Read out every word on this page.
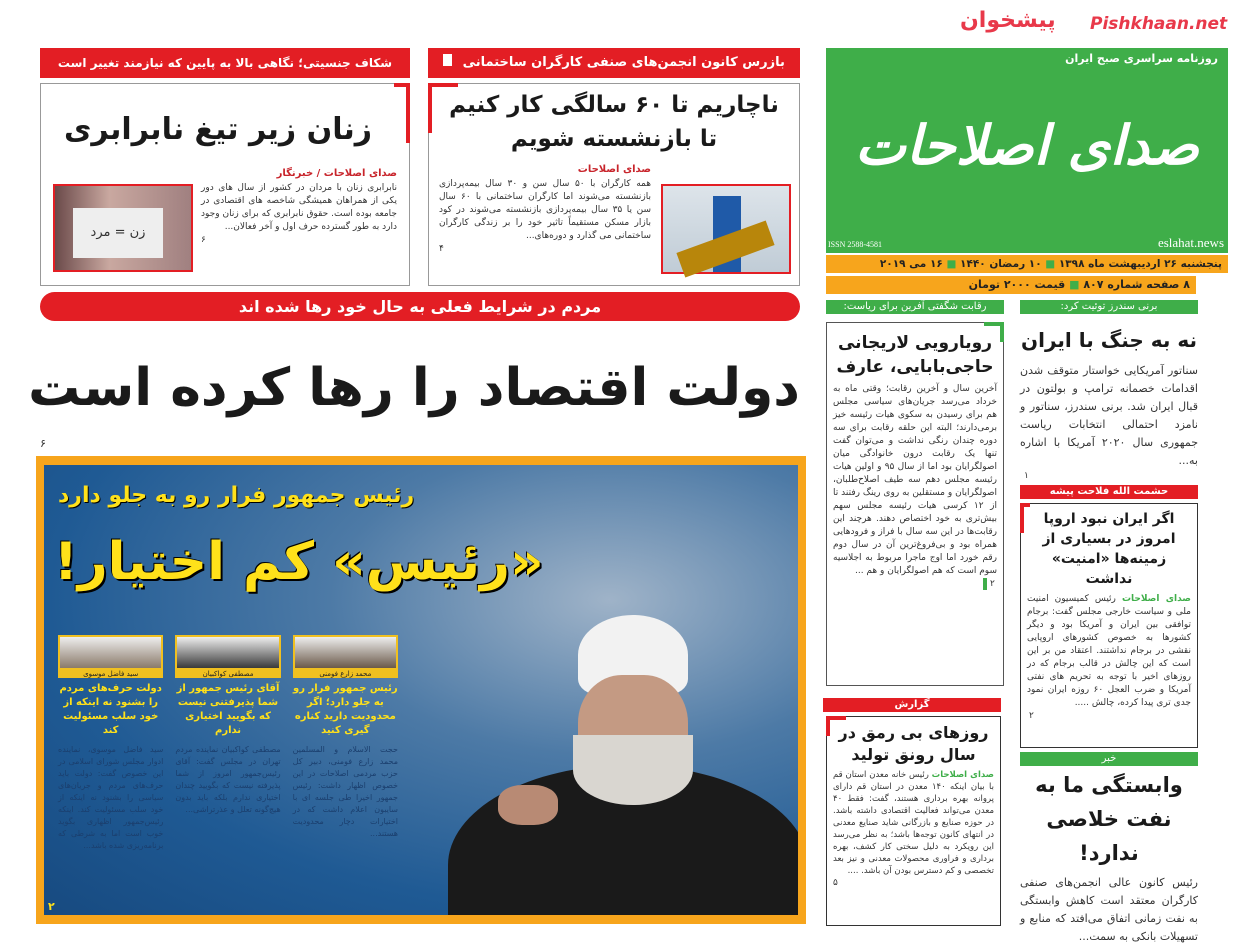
پیشخوان Pishkhaan.net
روزنامه سراسری صبح ایران
صدای اصلاحات
ISSN 2588-4581	eslahat.news
پنجشنبه ۲۶ اردیبهشت ماه ۱۳۹۸ ■ ۱۰ رمضان ۱۴۴۰ ■ ۱۶ می ۲۰۱۹
۸ صفحه شماره ۸۰۷ ■ قیمت ۲۰۰۰ تومان
شکاف جنسیتی؛ نگاهی بالا به پایین که نیازمند تغییر است
زنان زیر تیغ نابرابری
زن = مرد
صدای اصلاحات / خبرنگار
نابرابری زنان با مردان در کشور از سال های دور یکی از همراهان همیشگی شاخصه های اقتصادی در جامعه بوده است. حقوق نابرابری که برای زنان وجود دارد به طور گسترده حرف اول و آخر فعالان...
۶
بازرس کانون انجمن‌های صنفی کارگران ساختمانی
ناچاریم تا ۶۰ سالگی کار کنیم تا بازنشسته شویم
صدای اصلاحات
همه کارگران با ۵۰ سال سن و ۳۰ سال بیمه‌پردازی بازنشسته می‌شوند اما کارگران ساختمانی با ۶۰ سال سن یا ۳۵ سال بیمه‌پردازی بازنشسته می‌شوند در کود بازار مسکن مستقیماً تاثیر خود را بر زندگی کارگران ساختمانی می گذارد و دوره‌های...
۴
مردم در شرایط فعلی به حال خود رها شده اند
دولت اقتصاد را رها کرده است
۶
رئیس جمهور فرار رو به جلو دارد
«رئیس» کم اختیار!
محمد زارع فومنی
رئیس جمهور فرار رو به جلو دارد؛ اگر محدودیت دارید کناره گیری کنید
حجت الاسلام و المسلمین محمد زارع فومنی، دبیر کل حزب مردمی اصلاحات در این خصوص اظهار داشت: رئیس جمهور اخیرا طی جلسه ای با سایبون اعلام داشت که در اختیارات دچار محدودیت هستند...
مصطفی کواکبیان
آقای رئیس جمهور از شما پذیرفتنی نیست که بگویید اختیاری ندارم
مصطفی کواکبیان نماینده مردم تهران در مجلس گفت: آقای رئیس‌جمهور امروز از شما پذیرفته نیست که بگویید چندان اختیاری ندارم بلکه باید بدون هیچ‌گونه تعلل و عذرتراشی...
سید فاضل موسوی
دولت حرف‌های مردم را بشنود نه اینکه از خود سلب مسئولیت کند
سید فاضل موسوی، نماینده ادوار مجلس شورای اسلامی در این خصوص گفت: دولت باید حرف‌های مردم و جریان‌های سیاسی را بشنود نه اینکه از خود سلب مسئولیت کند. اینکه رئیس‌جمهور اظهاری بگوید خوب است اما به شرطی که برنامه‌ریزی شده باشد...
۲
رقابت شگفتی آفرین برای ریاست:
رویارویی لاریجانی حاجی‌بابایی، عارف
آخرین سال و آخرین رقابت؛ وقتی ماه به خرداد می‌رسد جریان‌های سیاسی مجلس هم برای رسیدن به سکوی هیات رئیسه خیز برمی‌دارند؛ البته این حلقه رقابت برای سه دوره چندان رنگی نداشت و می‌توان گفت تنها یک رقابت درون خانوادگی میان اصولگرایان بود اما از سال ۹۵ و اولین هیات رئیسه مجلس دهم سه طیف اصلاح‌طلبان، اصولگرایان و مستقلین به روی رینگ رفتند تا از ۱۲ کرسی هیات رئیسه مجلس سهم بیش‌تری به خود اختصاص دهند. هرچند این رقابت‌ها در این سه سال با فراز و فرودهایی همراه بود و بی‌فروغ‌ترین آن در سال دوم رقم خورد اما اوج ماجرا مربوط به اجلاسیه سوم است که هم اصولگرایان و هم ...
۲
برنی سندرز توئیت کرد:
نه به جنگ با ایران
سناتور آمریکایی خواستار متوقف شدن اقدامات خصمانه ترامپ و بولتون در قبال ایران شد. برنی سندرز، سناتور و نامزد احتمالی انتخابات ریاست جمهوری سال ۲۰۲۰ آمریکا با اشاره به...
۱
حشمت الله فلاحت پیشه
اگر ایران نبود اروپا امروز در بسیاری از زمینه‌ها «امنیت» نداشت
صدای اصلاحات رئیس کمیسیون امنیت ملی و سیاست خارجی مجلس گفت: برجام توافقی بین ایران و آمریکا بود و دیگر کشورها به خصوص کشورهای اروپایی نقشی در برجام نداشتند. اعتقاد من بر این است که این چالش در قالب برجام که در روزهای اخیر با توجه به تحریم های نفتی آمریکا و ضرب العجل ۶۰ روزه ایران نمود جدی تری پیدا کرده، چالش .....
۲
گزارش
روزهای بی رمق در سال رونق تولید
صدای اصلاحات رئیس خانه معدن استان قم با بیان اینکه ۱۴۰ معدن در استان قم دارای پروانه بهره برداری هستند، گفت: فقط ۴۰ معدن می‌تواند فعالیت اقتصادی داشته باشد. در حوزه صنایع و بازرگانی شاید صنایع معدنی در انتهای کانون توجه‌ها باشد؛ به نظر می‌رسد این رویکرد به دلیل سختی کار کشف، بهره برداری و فراوری محصولات معدنی و نیز بعد تخصصی و کم دسترس بودن آن باشد. ....
۵
خبر
وابستگی ما به نفت خلاصی ندارد!
رئیس کانون عالی انجمن‌های صنفی کارگران معتقد است کاهش وابستگی به نفت زمانی اتفاق می‌افتد که منابع و تسهیلات بانکی به سمت...
